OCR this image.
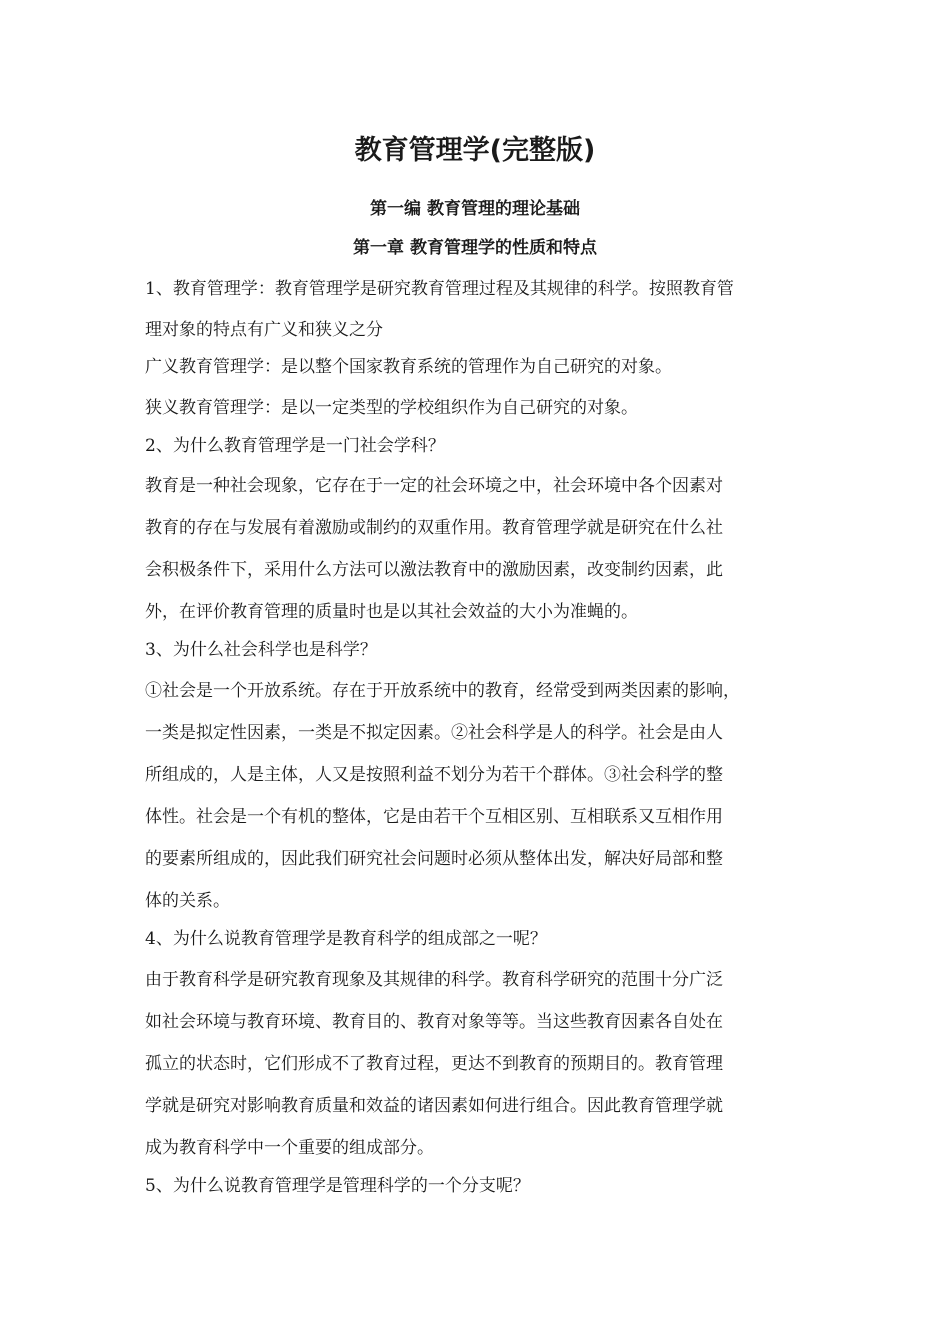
教育管理学(完整版)
第一编 教育管理的理论基础
第一章 教育管理学的性质和特点

1、教育管理学：教育管理学是研究教育管理过程及其规律的科学。按照教育管

理对象的特点有广义和狭义之分

广义教育管理学：是以整个国家教育系统的管理作为自己研究的对象。

狭义教育管理学：是以一定类型的学校组织作为自己研究的对象。

2、为什么教育管理学是一门社会学科？

教育是一种社会现象，它存在于一定的社会环境之中，社会环境中各个因素对

教育的存在与发展有着激励或制约的双重作用。教育管理学就是研究在什么社

会积极条件下，采用什么方法可以激法教育中的激励因素，改变制约因素，此

外，在评价教育管理的质量时也是以其社会效益的大小为准蝇的。

3、为什么社会科学也是科学？

①社会是一个开放系统。存在于开放系统中的教育，经常受到两类因素的影响，

一类是拟定性因素，一类是不拟定因素。②社会科学是人的科学。社会是由人

所组成的，人是主体，人又是按照利益不划分为若干个群体。③社会科学的整

体性。社会是一个有机的整体，它是由若干个互相区别、互相联系又互相作用

的要素所组成的，因此我们研究社会问题时必须从整体出发，解决好局部和整

体的关系。

4、为什么说教育管理学是教育科学的组成部之一呢？

由于教育科学是研究教育现象及其规律的科学。教育科学研究的范围十分广泛

如社会环境与教育环境、教育目的、教育对象等等。当这些教育因素各自处在

孤立的状态时，它们形成不了教育过程，更达不到教育的预期目的。教育管理

学就是研究对影响教育质量和效益的诸因素如何进行组合。因此教育管理学就

成为教育科学中一个重要的组成部分。

5、为什么说教育管理学是管理科学的一个分支呢？
